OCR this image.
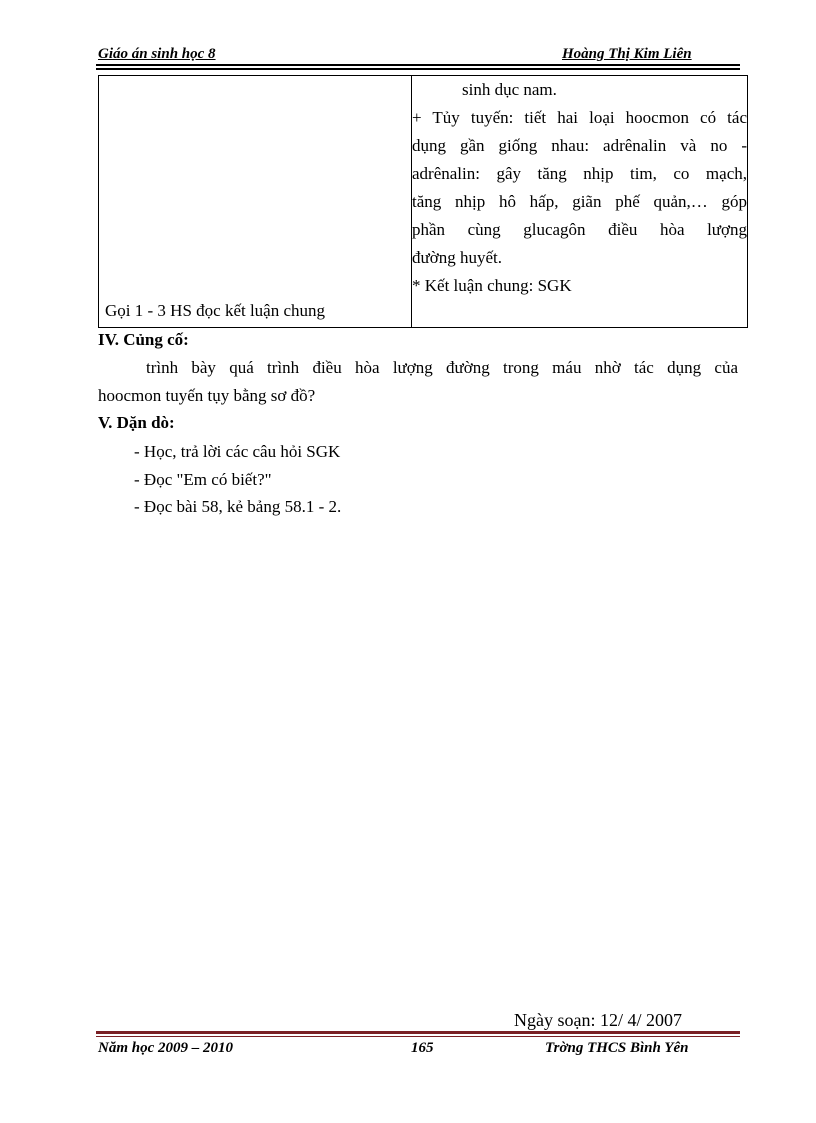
Giáo án sinh học 8	Hoàng Thị Kim Liên
Gọi 1 - 3 HS đọc kết luận chung

sinh dục nam.
+ Tủy tuyến: tiết hai loại hoocmon có tác
dụng gần giống nhau: adrênalin và no -
adrênalin: gây tăng nhịp tim, co mạch,
tăng nhịp hô hấp, giãn phế quản,… góp
phần cùng glucagôn điều hòa lượng
đường huyết.
* Kết luận chung: SGK
IV. Củng cố:
trình bày quá trình điều hòa lượng đường trong máu nhờ tác dụng của
hoocmon tuyến tụy bằng sơ đồ?
V. Dặn dò:
- Học, trả lời các câu hỏi SGK
- Đọc "Em có biết?"
- Đọc bài 58, kẻ bảng 58.1 - 2.
Ngày soạn: 12/ 4/ 2007
Năm học 2009 – 2010	165	Trờng THCS Bình Yên
